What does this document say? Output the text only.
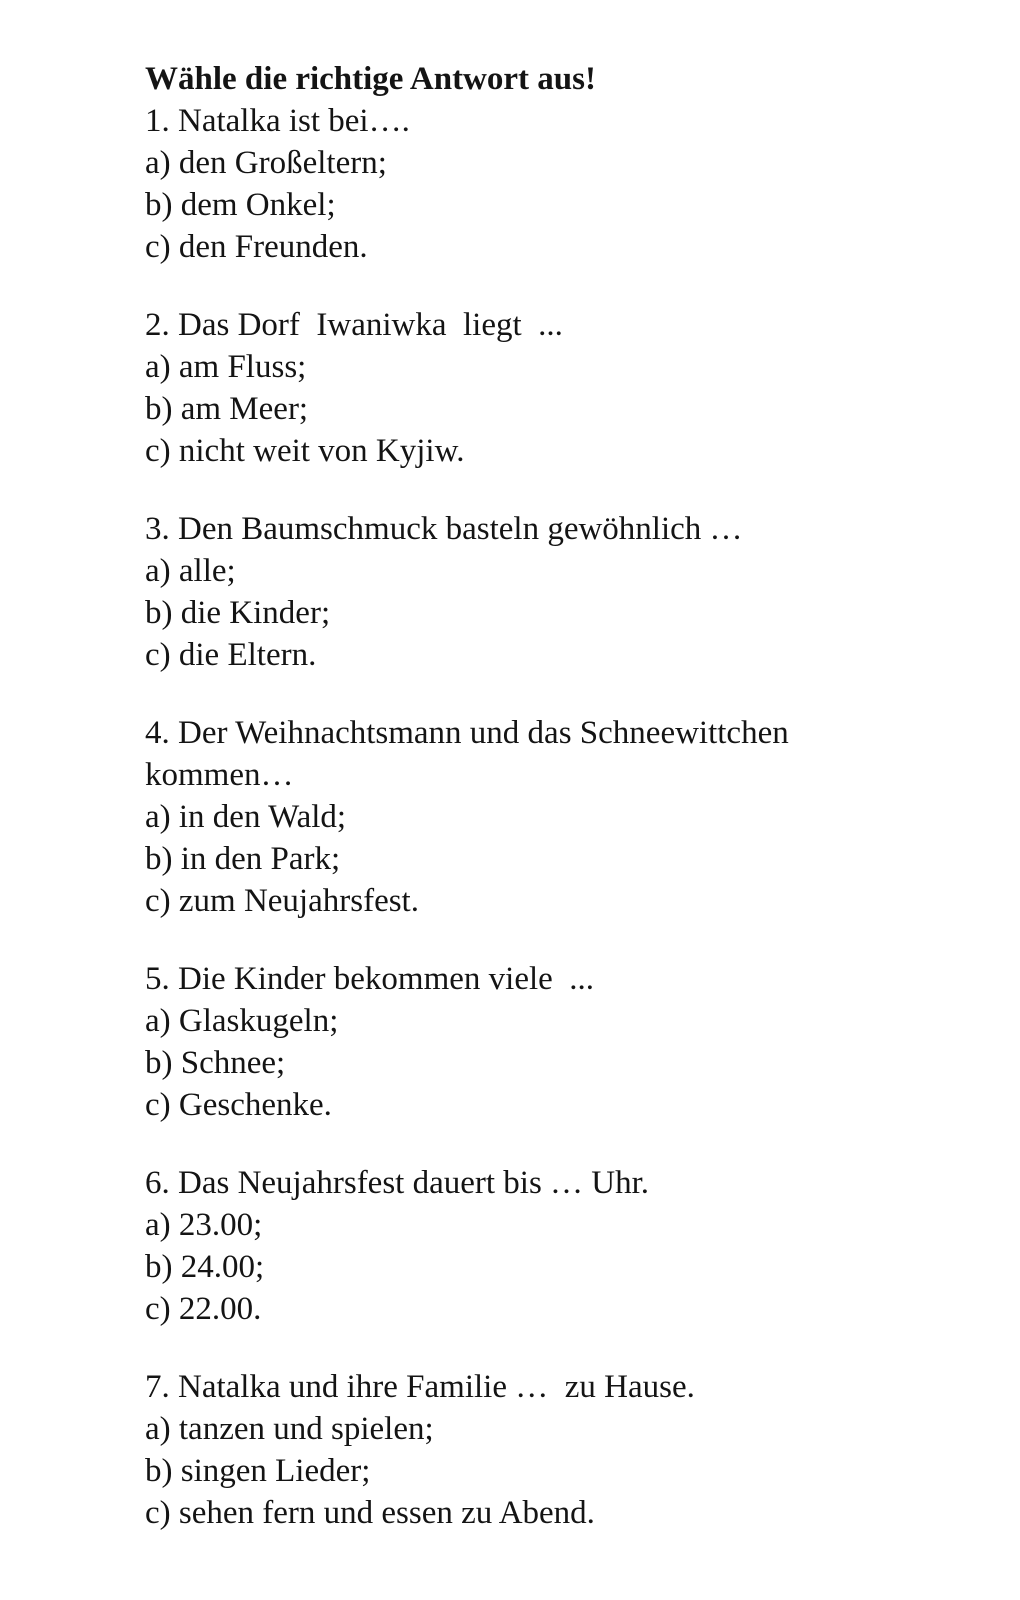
Wähle die richtige Antwort aus!

1. Natalka ist bei….

a) den Großeltern;

b) dem Onkel;

c) den Freunden.

2. Das Dorf  Iwaniwka  liegt  ...

a) am Fluss;

b) am Meer;

c) nicht weit von Kyjiw.

3. Den Baumschmuck basteln gewöhnlich …

a) alle;

b) die Kinder;

c) die Eltern.

4. Der Weihnachtsmann und das Schneewittchen kommen…

a) in den Wald;

b) in den Park;

c) zum Neujahrsfest.

5. Die Kinder bekommen viele  ...

a) Glaskugeln;

b) Schnee;

c) Geschenke.

6. Das Neujahrsfest dauert bis … Uhr.

a) 23.00;

b) 24.00;

c) 22.00.

7. Natalka und ihre Familie …  zu Hause.

a) tanzen und spielen;

b) singen Lieder;

c) sehen fern und essen zu Abend.
